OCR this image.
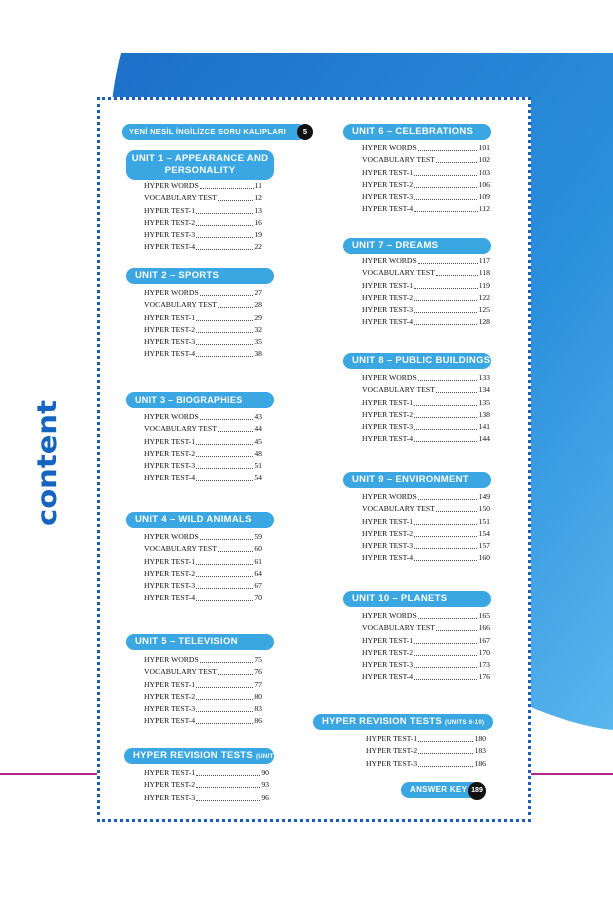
content
YENİ NESİL İNGİLİZCE SORU KALIPLARI	5
UNIT 1 – APPEARANCE AND
PERSONALITY
HYPER WORDS	11
VOCABULARY TEST	12
HYPER TEST-1	13
HYPER TEST-2	16
HYPER TEST-3	19
HYPER TEST-4	22
UNIT 2 – SPORTS
HYPER WORDS	27
VOCABULARY TEST	28
HYPER TEST-1	29
HYPER TEST-2	32
HYPER TEST-3	35
HYPER TEST-4	38
UNIT 3 – BIOGRAPHIES
HYPER WORDS	43
VOCABULARY TEST	44
HYPER TEST-1	45
HYPER TEST-2	48
HYPER TEST-3	51
HYPER TEST-4	54
UNIT 4 – WILD ANIMALS
HYPER WORDS	59
VOCABULARY TEST	60
HYPER TEST-1	61
HYPER TEST-2	64
HYPER TEST-3	67
HYPER TEST-4	70
UNIT 5 – TELEVISION
HYPER WORDS	75
VOCABULARY TEST	76
HYPER TEST-1	77
HYPER TEST-2	80
HYPER TEST-3	83
HYPER TEST-4	86
HYPER REVISION TESTS (UNITS 1-5)
HYPER TEST-1	90
HYPER TEST-2	93
HYPER TEST-3	96
UNIT 6 – CELEBRATIONS
HYPER WORDS	101
VOCABULARY TEST	102
HYPER TEST-1	103
HYPER TEST-2	106
HYPER TEST-3	109
HYPER TEST-4	112
UNIT 7 – DREAMS
HYPER WORDS	117
VOCABULARY TEST	118
HYPER TEST-1	119
HYPER TEST-2	122
HYPER TEST-3	125
HYPER TEST-4	128
UNIT 8 – PUBLIC BUILDINGS
HYPER WORDS	133
VOCABULARY TEST	134
HYPER TEST-1	135
HYPER TEST-2	138
HYPER TEST-3	141
HYPER TEST-4	144
UNIT 9 – ENVIRONMENT
HYPER WORDS	149
VOCABULARY TEST	150
HYPER TEST-1	151
HYPER TEST-2	154
HYPER TEST-3	157
HYPER TEST-4	160
UNIT 10 – PLANETS
HYPER WORDS	165
VOCABULARY TEST	166
HYPER TEST-1	167
HYPER TEST-2	170
HYPER TEST-3	173
HYPER TEST-4	176
HYPER REVISION TESTS (UNITS 6-10)
HYPER TEST-1	180
HYPER TEST-2	183
HYPER TEST-3	186
ANSWER KEY 189
